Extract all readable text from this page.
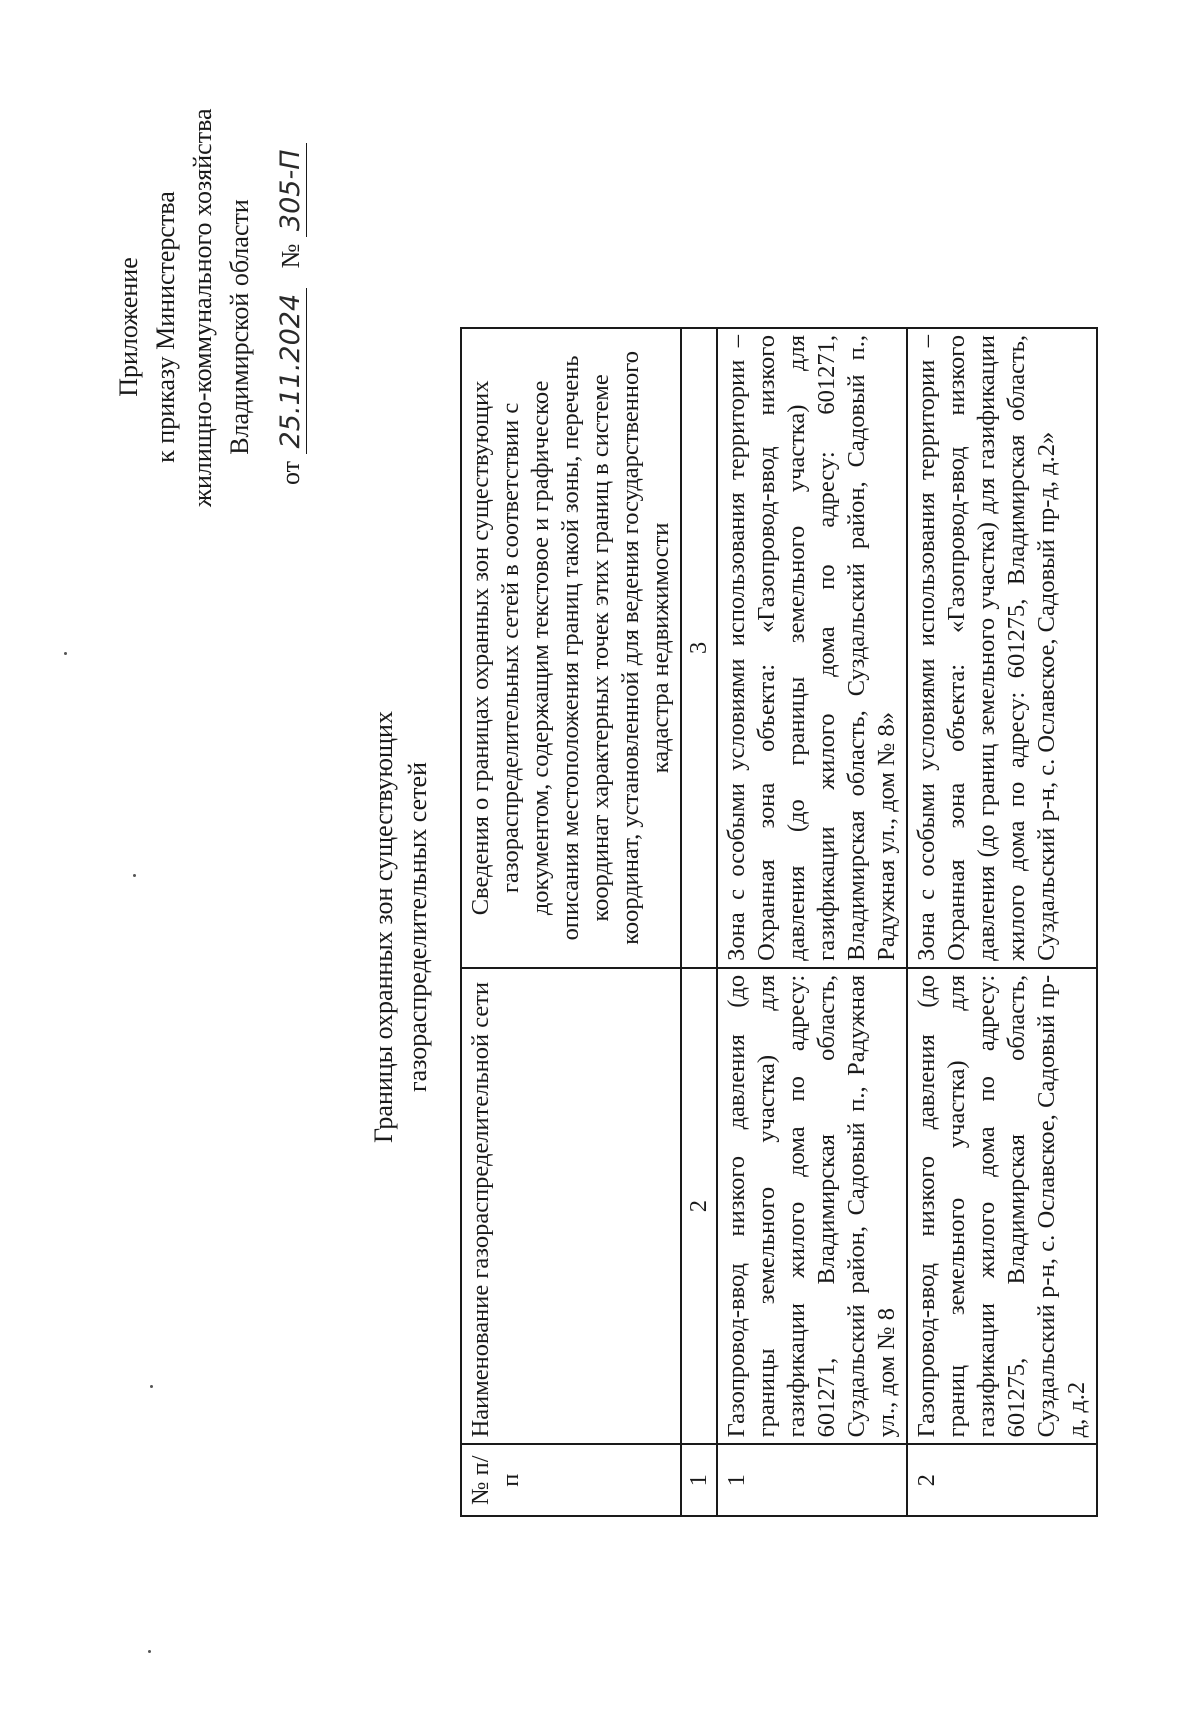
Приложение к приказу Министерства жилищно-коммунального хозяйства Владимирской области
от 25.11.2024   № 305-П
Границы охранных зон существующих газораспределительных сетей
№ п/п	Наименование газораспределительной сети	Сведения о границах охранных зон существующих газораспределительных сетей в соответствии с документом, содержащим текстовое и графическое описания местоположения границ такой зоны, перечень координат характерных точек этих границ в системе координат, установленной для ведения государственного кадастра недвижимости
1	2	3
1	Газопровод-ввод низкого давления (до границы земельного участка) для газификации жилого дома по адресу: 601271, Владимирская область, Суздальский район, Садовый п., Радужная ул., дом № 8	Зона с особыми условиями использования территории – Охранная зона объекта: «Газопровод-ввод низкого давления (до границы земельного участка) для газификации жилого дома по адресу: 601271, Владимирская область, Суздальский район, Садовый п., Радужная ул., дом № 8»
2	Газопровод-ввод низкого давления (до границ земельного участка) для газификации жилого дома по адресу: 601275, Владимирская область, Суздальский р-н, с. Ославское, Садовый пр-д, д.2	Зона с особыми условиями использования территории – Охранная зона объекта: «Газопровод-ввод низкого давления (до границ земельного участка) для газификации жилого дома по адресу: 601275, Владимирская область, Суздальский р-н, с. Ославское, Садовый пр-д, д.2»
